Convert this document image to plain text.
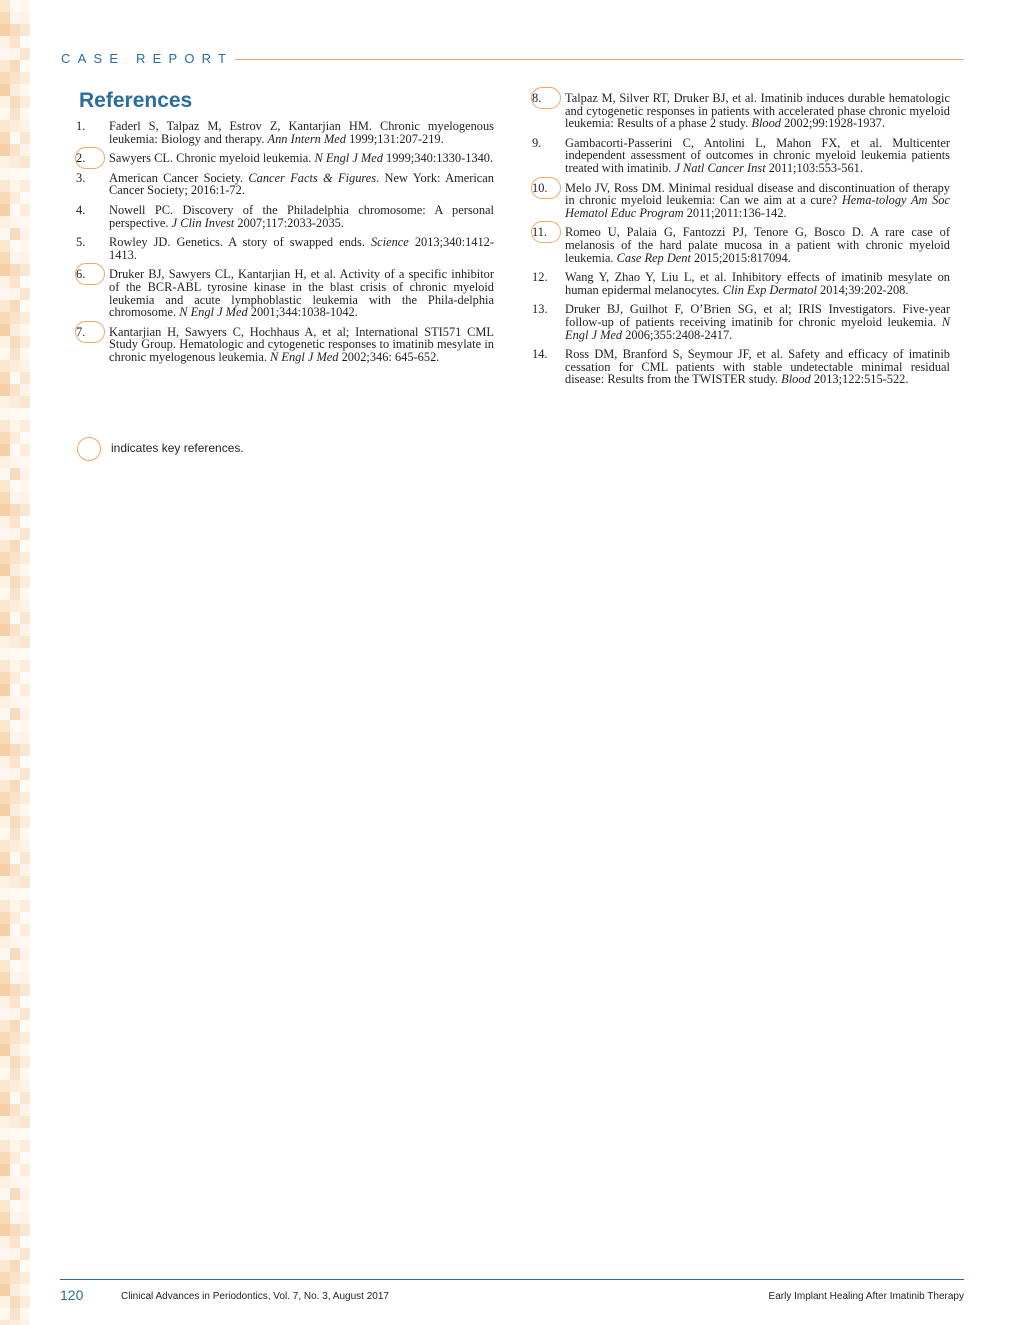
CASE REPORT
References
1.	Faderl S, Talpaz M, Estrov Z, Kantarjian HM. Chronic myelogenous leukemia: Biology and therapy. Ann Intern Med 1999;131:207-219.
2.	Sawyers CL. Chronic myeloid leukemia. N Engl J Med 1999;340:1330-1340.
3.	American Cancer Society. Cancer Facts & Figures. New York: American Cancer Society; 2016:1-72.
4.	Nowell PC. Discovery of the Philadelphia chromosome: A personal perspective. J Clin Invest 2007;117:2033-2035.
5.	Rowley JD. Genetics. A story of swapped ends. Science 2013;340:1412-1413.
6.	Druker BJ, Sawyers CL, Kantarjian H, et al. Activity of a specific inhibitor of the BCR-ABL tyrosine kinase in the blast crisis of chronic myeloid leukemia and acute lymphoblastic leukemia with the Phila-delphia chromosome. N Engl J Med 2001;344:1038-1042.
7.	Kantarjian H, Sawyers C, Hochhaus A, et al; International STI571 CML Study Group. Hematologic and cytogenetic responses to imatinib mesylate in chronic myelogenous leukemia. N Engl J Med 2002;346: 645-652.
8.	Talpaz M, Silver RT, Druker BJ, et al. Imatinib induces durable hematologic and cytogenetic responses in patients with accelerated phase chronic myeloid leukemia: Results of a phase 2 study. Blood 2002;99:1928-1937.
9.	Gambacorti-Passerini C, Antolini L, Mahon FX, et al. Multicenter independent assessment of outcomes in chronic myeloid leukemia patients treated with imatinib. J Natl Cancer Inst 2011;103:553-561.
10.	Melo JV, Ross DM. Minimal residual disease and discontinuation of therapy in chronic myeloid leukemia: Can we aim at a cure? Hema-tology Am Soc Hematol Educ Program 2011;2011:136-142.
11.	Romeo U, Palaia G, Fantozzi PJ, Tenore G, Bosco D. A rare case of melanosis of the hard palate mucosa in a patient with chronic myeloid leukemia. Case Rep Dent 2015;2015:817094.
12.	Wang Y, Zhao Y, Liu L, et al. Inhibitory effects of imatinib mesylate on human epidermal melanocytes. Clin Exp Dermatol 2014;39:202-208.
13.	Druker BJ, Guilhot F, O’Brien SG, et al; IRIS Investigators. Five-year follow-up of patients receiving imatinib for chronic myeloid leukemia. N Engl J Med 2006;355:2408-2417.
14.	Ross DM, Branford S, Seymour JF, et al. Safety and efficacy of imatinib cessation for CML patients with stable undetectable minimal residual disease: Results from the TWISTER study. Blood 2013;122:515-522.
indicates key references.
120	Clinical Advances in Periodontics, Vol. 7, No. 3, August 2017	Early Implant Healing After Imatinib Therapy
